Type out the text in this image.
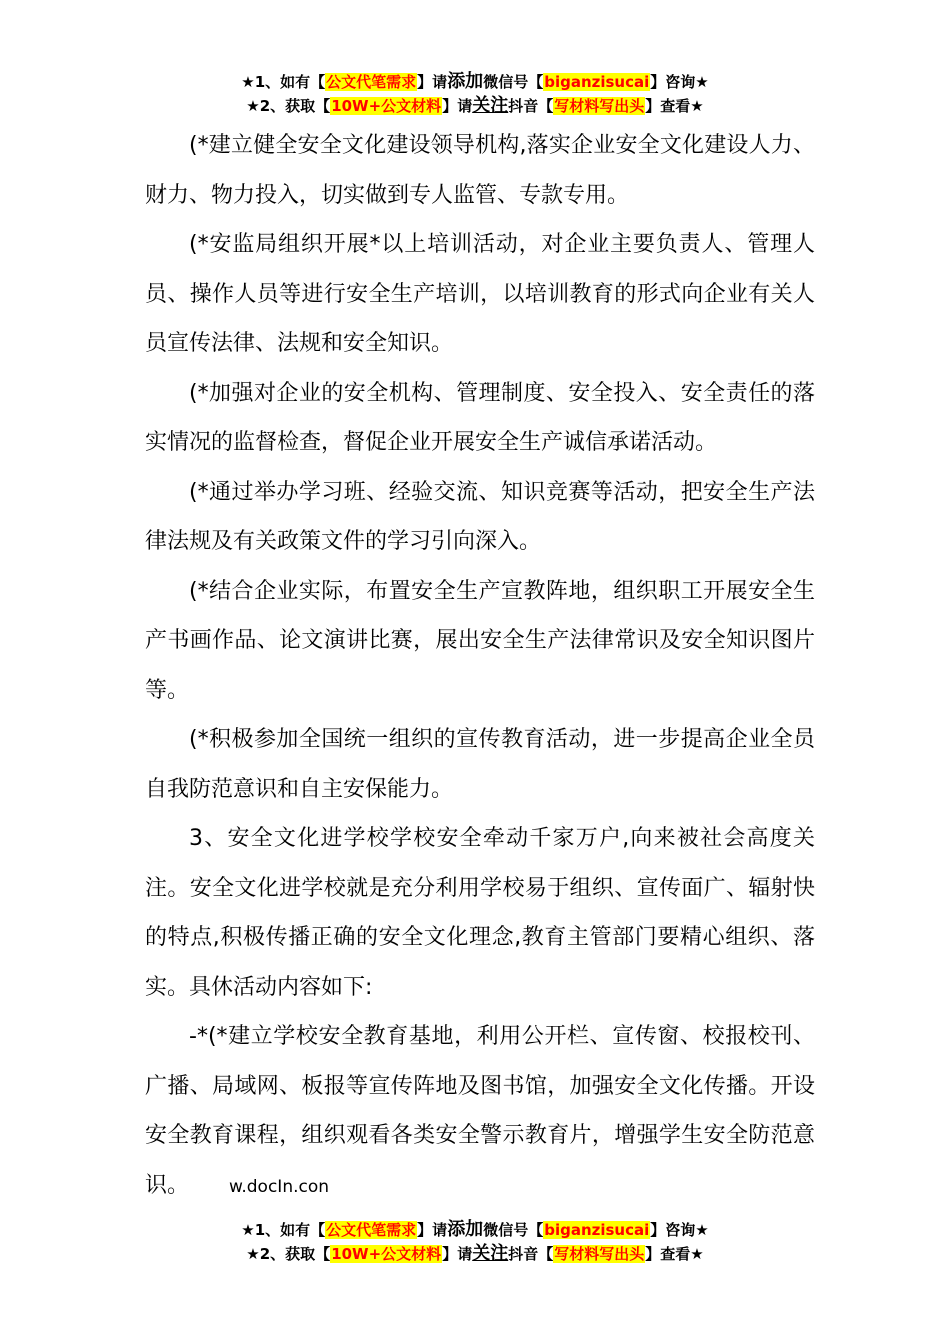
★1、如有【公文代笔需求】请添加微信号【biganzisucai】咨询★
★2、获取【10W+公文材料】请关注抖音【写材料写出头】查看★

(*建立健全安全文化建设领导机构,落实企业安全文化建设人力、财力、物力投入，切实做到专人监管、专款专用。

(*安监局组织开展*以上培训活动，对企业主要负责人、管理人员、操作人员等进行安全生产培训，以培训教育的形式向企业有关人员宣传法律、法规和安全知识。

(*加强对企业的安全机构、管理制度、安全投入、安全责任的落实情况的监督检查，督促企业开展安全生产诚信承诺活动。

(*通过举办学习班、经验交流、知识竞赛等活动，把安全生产法律法规及有关政策文件的学习引向深入。

(*结合企业实际，布置安全生产宣教阵地，组织职工开展安全生产书画作品、论文演讲比赛，展出安全生产法律常识及安全知识图片等。

(*积极参加全国统一组织的宣传教育活动，进一步提高企业全员自我防范意识和自主安保能力。

3、安全文化进学校学校安全牵动千家万户,向来被社会高度关注。安全文化进学校就是充分利用学校易于组织、宣传面广、辐射快的特点,积极传播正确的安全文化理念,教育主管部门要精心组织、落实。具休活动内容如下:

-*(*建立学校安全教育基地，利用公开栏、宣传窗、校报校刊、广播、局域网、板报等宣传阵地及图书馆，加强安全文化传播。开设安全教育课程，组织观看各类安全警示教育片，增强学生安全防范意识。 w.docIn.con

★1、如有【公文代笔需求】请添加微信号【biganzisucai】咨询★
★2、获取【10W+公文材料】请关注抖音【写材料写出头】查看★
